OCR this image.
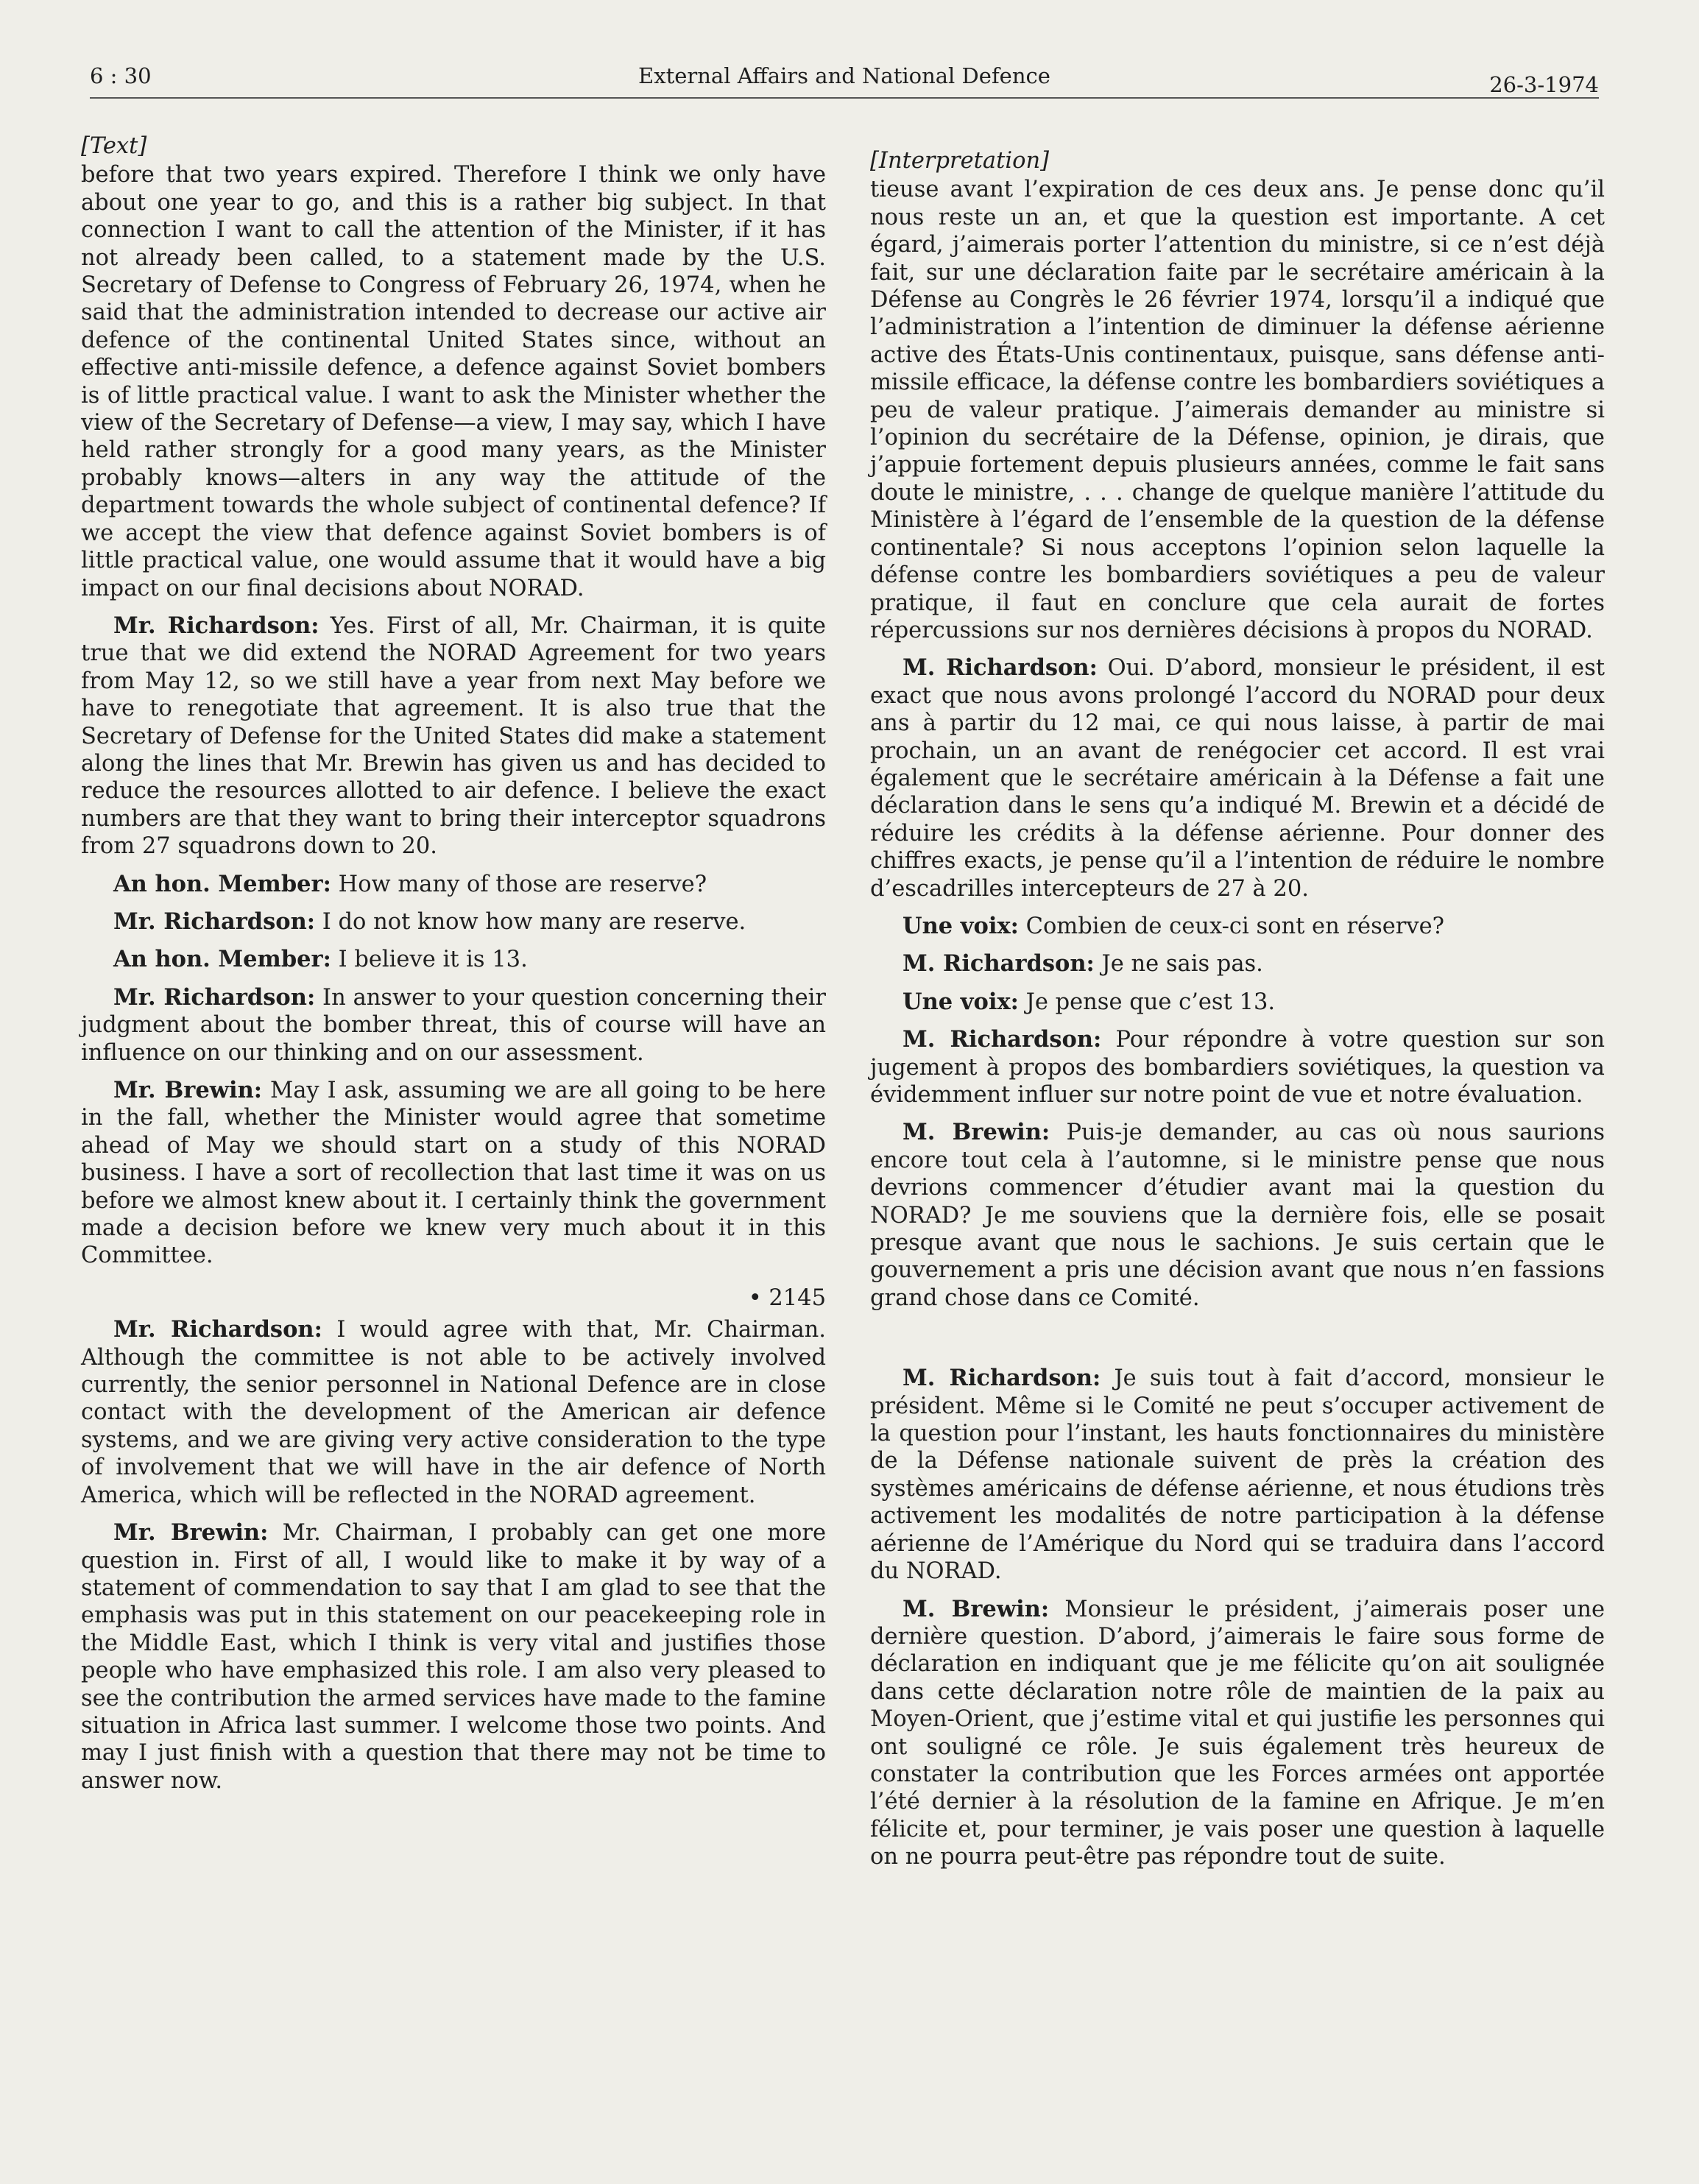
6 : 30	External Affairs and National Defence	26-3-1974
[Text]

before that two years expired. Therefore I think we only have about one year to go, and this is a rather big subject. In that connection I want to call the attention of the Minister, if it has not already been called, to a statement made by the U.S. Secretary of Defense to Congress of February 26, 1974, when he said that the administration intended to decrease our active air defence of the continental United States since, without an effective anti-missile defence, a defence against Soviet bombers is of little practical value. I want to ask the Minister whether the view of the Secretary of Defense—a view, I may say, which I have held rather strongly for a good many years, as the Minister probably knows—alters in any way the attitude of the department towards the whole subject of continental defence? If we accept the view that defence against Soviet bombers is of little practical value, one would assume that it would have a big impact on our final decisions about NORAD.

Mr. Richardson: Yes. First of all, Mr. Chairman, it is quite true that we did extend the NORAD Agreement for two years from May 12, so we still have a year from next May before we have to renegotiate that agreement. It is also true that the Secretary of Defense for the United States did make a statement along the lines that Mr. Brewin has given us and has decided to reduce the resources allotted to air defence. I believe the exact numbers are that they want to bring their interceptor squadrons from 27 squadrons down to 20.

An hon. Member: How many of those are reserve?

Mr. Richardson: I do not know how many are reserve.

An hon. Member: I believe it is 13.

Mr. Richardson: In answer to your question concerning their judgment about the bomber threat, this of course will have an influence on our thinking and on our assessment.

Mr. Brewin: May I ask, assuming we are all going to be here in the fall, whether the Minister would agree that sometime ahead of May we should start on a study of this NORAD business. I have a sort of recollection that last time it was on us before we almost knew about it. I certainly think the government made a decision before we knew very much about it in this Committee.

• 2145

Mr. Richardson: I would agree with that, Mr. Chairman. Although the committee is not able to be actively involved currently, the senior personnel in National Defence are in close contact with the development of the American air defence systems, and we are giving very active consideration to the type of involvement that we will have in the air defence of North America, which will be reflected in the NORAD agreement.

Mr. Brewin: Mr. Chairman, I probably can get one more question in. First of all, I would like to make it by way of a statement of commendation to say that I am glad to see that the emphasis was put in this statement on our peacekeeping role in the Middle East, which I think is very vital and justifies those people who have emphasized this role. I am also very pleased to see the contribution the armed services have made to the famine situation in Africa last summer. I welcome those two points. And may I just finish with a question that there may not be time to answer now.

[Interpretation]

tieuse avant l’expiration de ces deux ans. Je pense donc qu’il nous reste un an, et que la question est importante. A cet égard, j’aimerais porter l’attention du ministre, si ce n’est déjà fait, sur une déclaration faite par le secrétaire américain à la Défense au Congrès le 26 février 1974, lorsqu’il a indiqué que l’administration a l’intention de diminuer la défense aérienne active des États-Unis continentaux, puisque, sans défense anti-missile efficace, la défense contre les bombardiers soviétiques a peu de valeur pratique. J’aimerais demander au ministre si l’opinion du secrétaire de la Défense, opinion, je dirais, que j’appuie fortement depuis plusieurs années, comme le fait sans doute le ministre, . . . change de quelque manière l’attitude du Ministère à l’égard de l’ensemble de la question de la défense continentale? Si nous acceptons l’opinion selon laquelle la défense contre les bombardiers soviétiques a peu de valeur pratique, il faut en conclure que cela aurait de fortes répercussions sur nos dernières décisions à propos du NORAD.

M. Richardson: Oui. D’abord, monsieur le président, il est exact que nous avons prolongé l’accord du NORAD pour deux ans à partir du 12 mai, ce qui nous laisse, à partir de mai prochain, un an avant de renégocier cet accord. Il est vrai également que le secrétaire américain à la Défense a fait une déclaration dans le sens qu’a indiqué M. Brewin et a décidé de réduire les crédits à la défense aérienne. Pour donner des chiffres exacts, je pense qu’il a l’intention de réduire le nombre d’escadrilles intercepteurs de 27 à 20.

Une voix: Combien de ceux-ci sont en réserve?

M. Richardson: Je ne sais pas.

Une voix: Je pense que c’est 13.

M. Richardson: Pour répondre à votre question sur son jugement à propos des bombardiers soviétiques, la question va évidemment influer sur notre point de vue et notre évaluation.

M. Brewin: Puis-je demander, au cas où nous saurions encore tout cela à l’automne, si le ministre pense que nous devrions commencer d’étudier avant mai la question du NORAD? Je me souviens que la dernière fois, elle se posait presque avant que nous le sachions. Je suis certain que le gouvernement a pris une décision avant que nous n’en fassions grand chose dans ce Comité.

M. Richardson: Je suis tout à fait d’accord, monsieur le président. Même si le Comité ne peut s’occuper activement de la question pour l’instant, les hauts fonctionnaires du ministère de la Défense nationale suivent de près la création des systèmes américains de défense aérienne, et nous étudions très activement les modalités de notre participation à la défense aérienne de l’Amérique du Nord qui se traduira dans l’accord du NORAD.

M. Brewin: Monsieur le président, j’aimerais poser une dernière question. D’abord, j’aimerais le faire sous forme de déclaration en indiquant que je me félicite qu’on ait soulignée dans cette déclaration notre rôle de maintien de la paix au Moyen-Orient, que j’estime vital et qui justifie les personnes qui ont souligné ce rôle. Je suis également très heureux de constater la contribution que les Forces armées ont apportée l’été dernier à la résolution de la famine en Afrique. Je m’en félicite et, pour terminer, je vais poser une question à laquelle on ne pourra peut-être pas répondre tout de suite.
